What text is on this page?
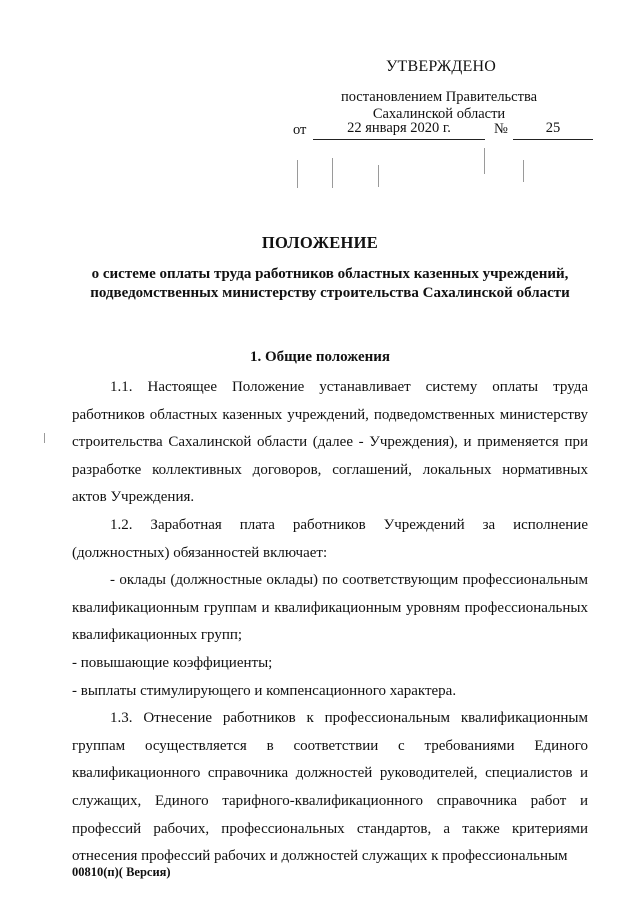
УТВЕРЖДЕНО
постановлением Правительства
Сахалинской области
от	22 января 2020 г.	№	25
ПОЛОЖЕНИЕ
о системе оплаты труда работников областных казенных учреждений, подведомственных министерству строительства Сахалинской области
1. Общие положения

1.1. Настоящее Положение устанавливает систему оплаты труда работников областных казенных учреждений, подведомственных министерству строительства Сахалинской области (далее - Учреждения), и применяется при разработке коллективных договоров, соглашений, локальных нормативных актов Учреждения.

1.2. Заработная плата работников Учреждений за исполнение (должностных) обязанностей включает:

- оклады (должностные оклады) по соответствующим профессиональным квалификационным группам и квалификационным уровням профессиональных квалификационных групп;

- повышающие коэффициенты;

- выплаты стимулирующего и компенсационного характера.

1.3. Отнесение работников к профессиональным квалификационным группам осуществляется в соответствии с требованиями Единого квалификационного справочника должностей руководителей, специалистов и служащих, Единого тарифного-квалификационного справочника работ и профессий рабочих, профессиональных стандартов, а также критериями отнесения профессий рабочих и должностей служащих к профессиональным

00810(п)( Версия)
